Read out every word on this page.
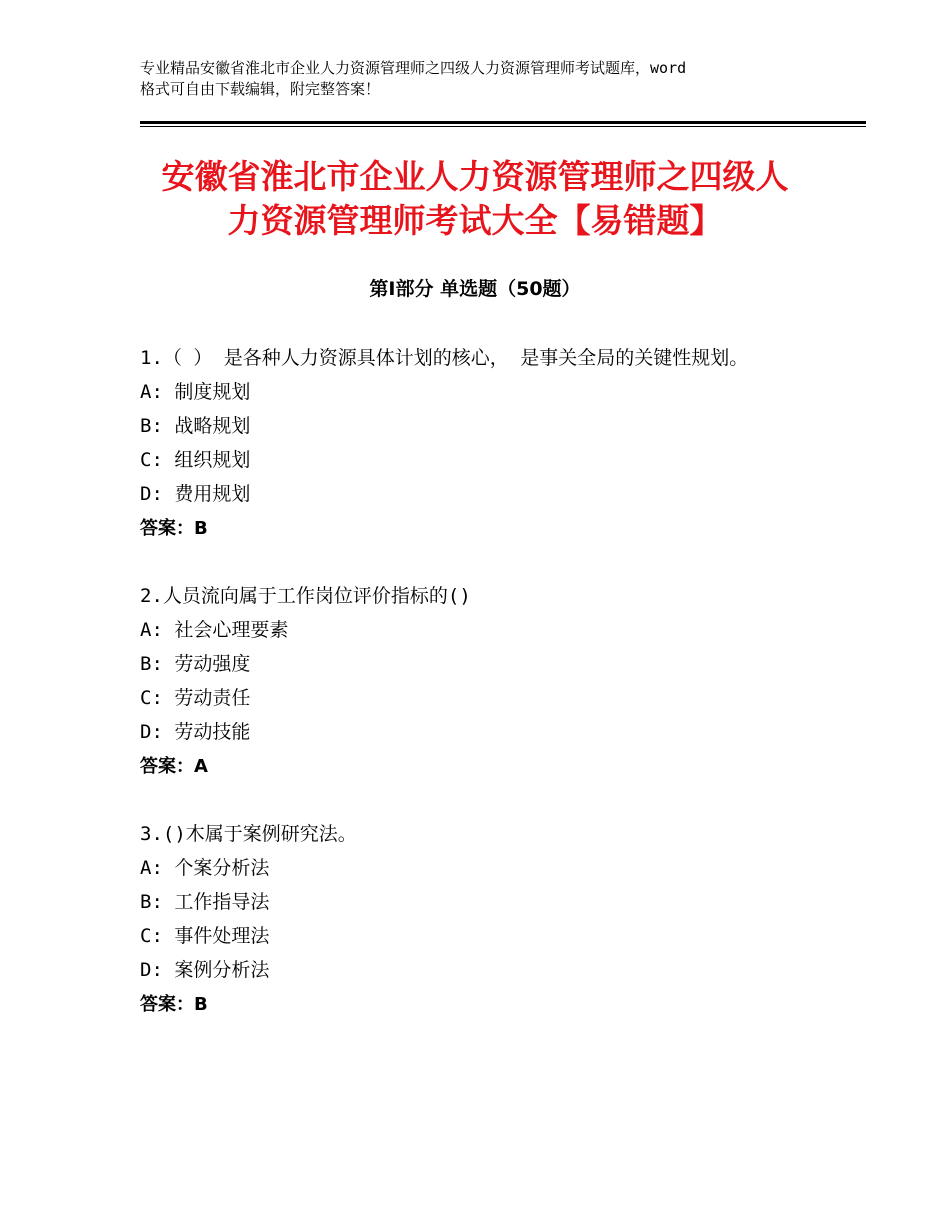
专业精品安徽省淮北市企业人力资源管理师之四级人力资源管理师考试题库，word
格式可自由下载编辑，附完整答案！
安徽省淮北市企业人力资源管理师之四级人
力资源管理师考试大全【易错题】
第Ⅰ部分 单选题（50题）
1.（ ） 是各种人力资源具体计划的核心， 是事关全局的关键性规划。
A: 制度规划
B: 战略规划
C: 组织规划
D: 费用规划
答案：B
2.人员流向属于工作岗位评价指标的()
A: 社会心理要素
B: 劳动强度
C: 劳动责任
D: 劳动技能
答案：A
3.()木属于案例研究法。
A: 个案分析法
B: 工作指导法
C: 事件处理法
D: 案例分析法
答案：B
